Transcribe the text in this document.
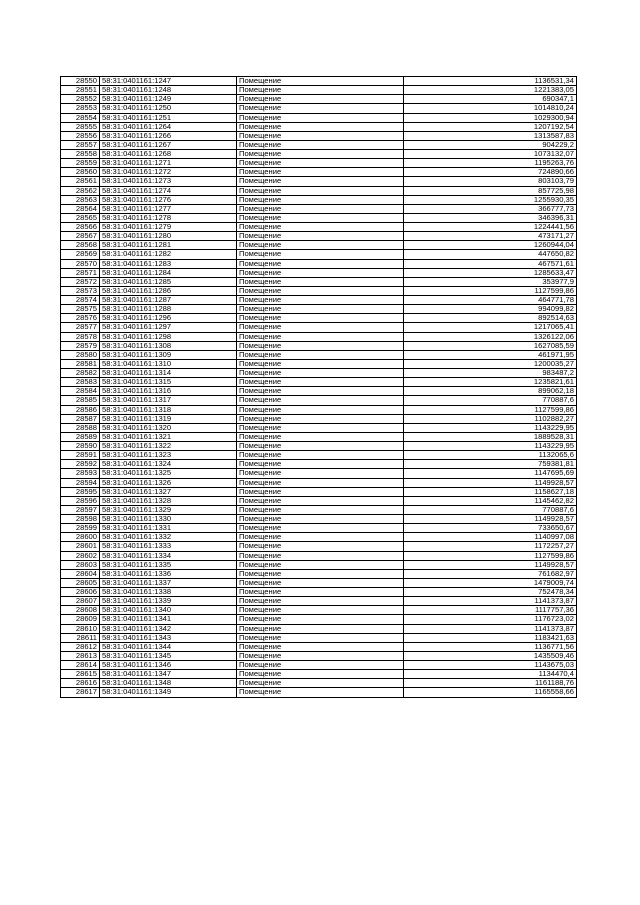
28550	58:31:0401161:1247	Помещение	1136531,34
28551	58:31:0401161:1248	Помещение	1221383,05
28552	58:31:0401161:1249	Помещение	690347,1
28553	58:31:0401161:1250	Помещение	1014810,24
28554	58:31:0401161:1251	Помещение	1029300,94
28555	58:31:0401161:1264	Помещение	1207192,54
28556	58:31:0401161:1266	Помещение	1313587,83
28557	58:31:0401161:1267	Помещение	904229,2
28558	58:31:0401161:1268	Помещение	1073132,07
28559	58:31:0401161:1271	Помещение	1195263,76
28560	58:31:0401161:1272	Помещение	724890,66
28561	58:31:0401161:1273	Помещение	803103,79
28562	58:31:0401161:1274	Помещение	857725,98
28563	58:31:0401161:1276	Помещение	1255930,35
28564	58:31:0401161:1277	Помещение	366777,73
28565	58:31:0401161:1278	Помещение	346396,31
28566	58:31:0401161:1279	Помещение	1224441,56
28567	58:31:0401161:1280	Помещение	473171,27
28568	58:31:0401161:1281	Помещение	1260944,04
28569	58:31:0401161:1282	Помещение	447650,82
28570	58:31:0401161:1283	Помещение	467571,61
28571	58:31:0401161:1284	Помещение	1285633,47
28572	58:31:0401161:1285	Помещение	353977,9
28573	58:31:0401161:1286	Помещение	1127599,86
28574	58:31:0401161:1287	Помещение	464771,78
28575	58:31:0401161:1288	Помещение	994099,82
28576	58:31:0401161:1296	Помещение	892514,63
28577	58:31:0401161:1297	Помещение	1217065,41
28578	58:31:0401161:1298	Помещение	1326122,06
28579	58:31:0401161:1308	Помещение	1627085,59
28580	58:31:0401161:1309	Помещение	461971,95
28581	58:31:0401161:1310	Помещение	1200035,27
28582	58:31:0401161:1314	Помещение	983487,2
28583	58:31:0401161:1315	Помещение	1235821,61
28584	58:31:0401161:1316	Помещение	899062,18
28585	58:31:0401161:1317	Помещение	770887,6
28586	58:31:0401161:1318	Помещение	1127599,86
28587	58:31:0401161:1319	Помещение	1102882,27
28588	58:31:0401161:1320	Помещение	1143229,95
28589	58:31:0401161:1321	Помещение	1889528,31
28590	58:31:0401161:1322	Помещение	1143229,95
28591	58:31:0401161:1323	Помещение	1132065,6
28592	58:31:0401161:1324	Помещение	759381,81
28593	58:31:0401161:1325	Помещение	1147695,69
28594	58:31:0401161:1326	Помещение	1149928,57
28595	58:31:0401161:1327	Помещение	1158627,18
28596	58:31:0401161:1328	Помещение	1145462,82
28597	58:31:0401161:1329	Помещение	770887,6
28598	58:31:0401161:1330	Помещение	1149928,57
28599	58:31:0401161:1331	Помещение	733650,67
28600	58:31:0401161:1332	Помещение	1140997,08
28601	58:31:0401161:1333	Помещение	1172257,27
28602	58:31:0401161:1334	Помещение	1127599,86
28603	58:31:0401161:1335	Помещение	1149928,57
28604	58:31:0401161:1336	Помещение	761682,97
28605	58:31:0401161:1337	Помещение	1479009,74
28606	58:31:0401161:1338	Помещение	752478,34
28607	58:31:0401161:1339	Помещение	1141373,87
28608	58:31:0401161:1340	Помещение	1117757,36
28609	58:31:0401161:1341	Помещение	1176723,02
28610	58:31:0401161:1342	Помещение	1141373,87
28611	58:31:0401161:1343	Помещение	1183421,63
28612	58:31:0401161:1344	Помещение	1136771,56
28613	58:31:0401161:1345	Помещение	1435509,46
28614	58:31:0401161:1346	Помещение	1143675,03
28615	58:31:0401161:1347	Помещение	1134470,4
28616	58:31:0401161:1348	Помещение	1161188,76
28617	58:31:0401161:1349	Помещение	1165558,66
